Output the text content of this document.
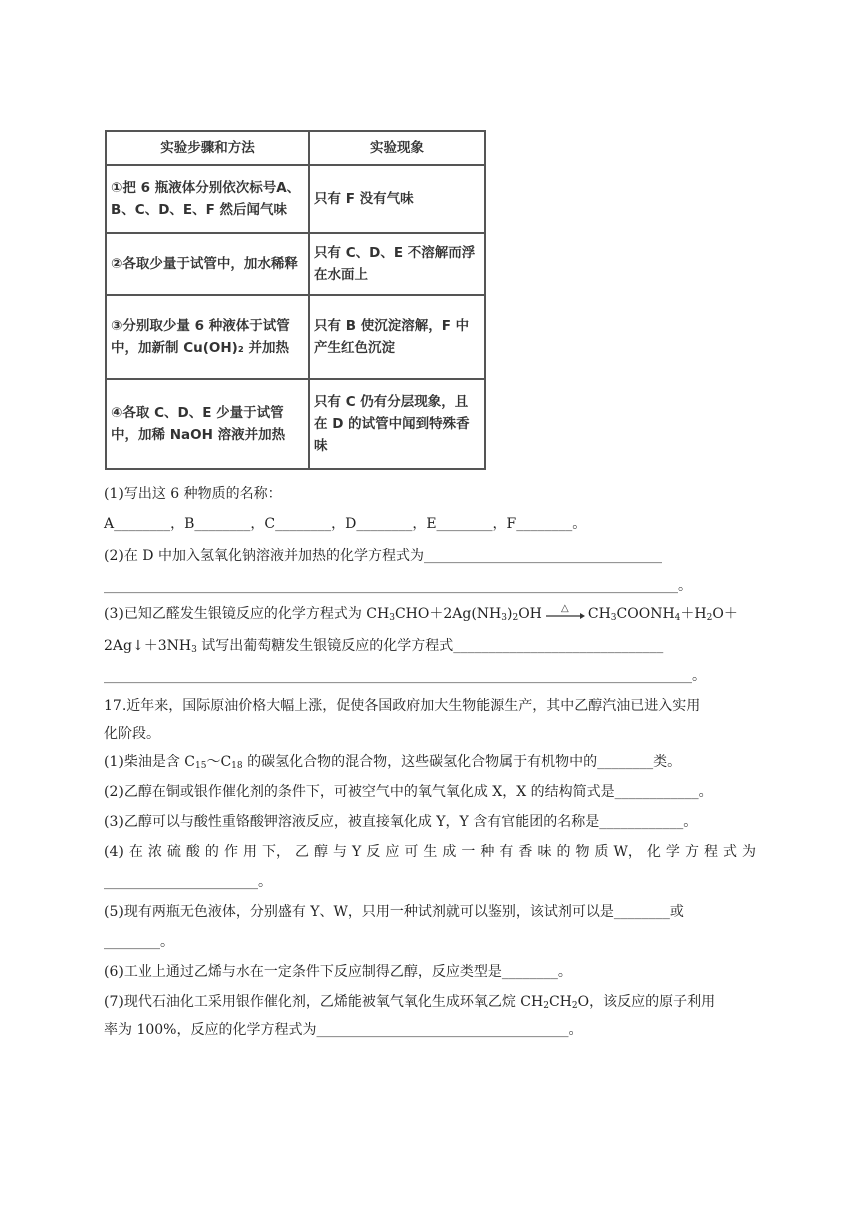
实验步骤和方法	实验现象
①把 6 瓶液体分别依次标号A、B、C、D、E、F 然后闻气味	只有 F 没有气味
②各取少量于试管中，加水稀释	只有 C、D、E 不溶解而浮在水面上
③分别取少量 6 种液体于试管中，加新制 Cu(OH)₂ 并加热	只有 B 使沉淀溶解，F 中产生红色沉淀
④各取 C、D、E 少量于试管中，加稀 NaOH 溶液并加热	只有 C 仍有分层现象，且在 D 的试管中闻到特殊香味
(1)写出这 6 种物质的名称：
A________，B________，C________，D________，E________，F________。
(2)在 D 中加入氢氧化钠溶液并加热的化学方程式为__________________________________
__________________________________________________________________________________。
(3)已知乙醛发生银镜反应的化学方程式为 $CH_3CHO+2Ag(NH_3)_2OH$ △ $CH_3COONH_4+H_2O+$
$2Ag↓+3NH_3$ 试写出葡萄糖发生银镜反应的化学方程式______________________________
____________________________________________________________________________________。
17.近年来，国际原油价格大幅上涨，促使各国政府加大生物能源生产，其中乙醇汽油已进入实用
化阶段。
(1)柴油是含 $C_{15}\sim C_{18}$ 的碳氢化合物的混合物，这些碳氢化合物属于有机物中的________类。
(2)乙醇在铜或银作催化剂的条件下，可被空气中的氧气氧化成 X，X 的结构简式是____________。
(3)乙醇可以与酸性重铬酸钾溶液反应，被直接氧化成 Y，Y 含有官能团的名称是____________。
(4) 在 浓 硫 酸 的 作 用 下， 乙 醇 与 Y 反 应 可 生 成 一 种 有 香 味 的 物 质 W， 化 学 方 程 式 为
______________________。
(5)现有两瓶无色液体，分别盛有 Y、W，只用一种试剂就可以鉴别，该试剂可以是________或
________。
(6)工业上通过乙烯与水在一定条件下反应制得乙醇，反应类型是________。
(7)现代石油化工采用银作催化剂，乙烯能被氧气氧化生成环氧乙烷 $CH_2CH_2O$，该反应的原子利用
率为 100%，反应的化学方程式为____________________________________。
